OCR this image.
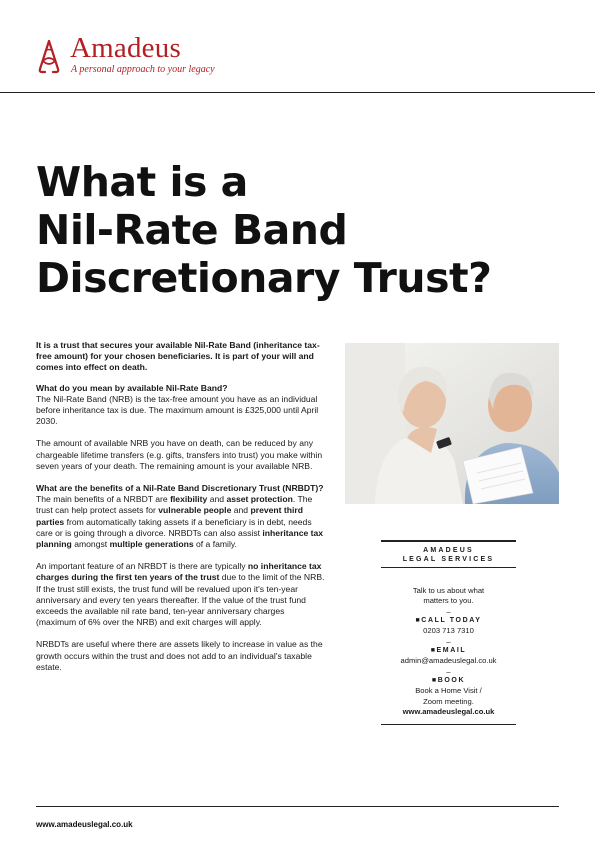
Amadeus
A personal approach to your legacy
What is a
Nil-Rate Band
Discretionary Trust?

It is a trust that secures your available Nil-Rate Band (inheritance tax-free amount) for your chosen beneficiaries. It is part of your will and comes into effect on death.

What do you mean by available Nil-Rate Band?
The Nil-Rate Band (NRB) is the tax-free amount you have as an individual before inheritance tax is due. The maximum amount is £325,000 until April 2030.

The amount of available NRB you have on death, can be reduced by any chargeable lifetime transfers (e.g. gifts, transfers into trust) you make within seven years of your death. The remaining amount is your available NRB.

What are the benefits of a Nil-Rate Band Discretionary Trust (NRBDT)?
The main benefits of a NRBDT are flexibility and asset protection. The trust can help protect assets for vulnerable people and prevent third parties from automatically taking assets if a beneficiary is in debt, needs care or is going through a divorce. NRBDTs can also assist inheritance tax planning amongst multiple generations of a family.

An important feature of an NRBDT is there are typically no inheritance tax charges during the first ten years of the trust due to the limit of the NRB. If the trust still exists, the trust fund will be revalued upon it's ten-year anniversary and every ten years thereafter. If the value of the trust fund exceeds the available nil rate band, ten-year anniversary charges (maximum of 6% over the NRB) and exit charges will apply.

NRBDTs are useful where there are assets likely to increase in value as the growth occurs within the trust and does not add to an individual's taxable estate.

AMADEUS
LEGAL SERVICES
Talk to us about what
matters to you.
–
■CALL TODAY
0203 713 7310
–
■EMAIL
admin@amadeuslegal.co.uk
–
■BOOK
Book a Home Visit /
Zoom meeting.
www.amadeuslegal.co.uk
www.amadeuslegal.co.uk
